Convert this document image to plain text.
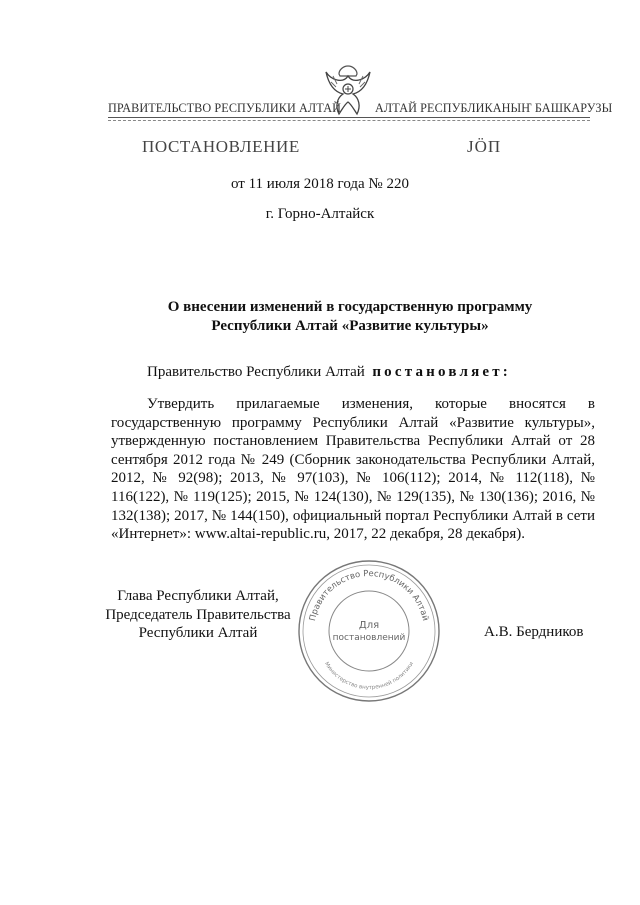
ПРАВИТЕЛЬСТВО РЕСПУБЛИКИ АЛТАЙ	АЛТАЙ РЕСПУБЛИКАНЫҤ БАШКАРУЗЫ
ПОСТАНОВЛЕНИЕ	ЈӦП
от 11 июля 2018 года № 220
г. Горно-Алтайск
О внесении изменений в государственную программу
Республики Алтай «Развитие культуры»
Правительство Республики Алтай постановляет:
Утвердить прилагаемые изменения, которые вносятся в государственную программу Республики Алтай «Развитие культуры», утвержденную постановлением Правительства Республики Алтай от 28 сентября 2012 года № 249 (Сборник законодательства Республики Алтай, 2012, № 92(98); 2013, № 97(103), № 106(112); 2014, № 112(118), № 116(122), № 119(125); 2015, № 124(130), № 129(135), № 130(136); 2016, № 132(138); 2017, № 144(150), официальный портал Республики Алтай в сети «Интернет»: www.altai-republic.ru, 2017, 22 декабря, 28 декабря).
Глава Республики Алтай,
Председатель Правительства
Республики Алтай	А.В. Бердников
Правительство Республики Алтай
Министерство внутренней политики
Для
постановлений
